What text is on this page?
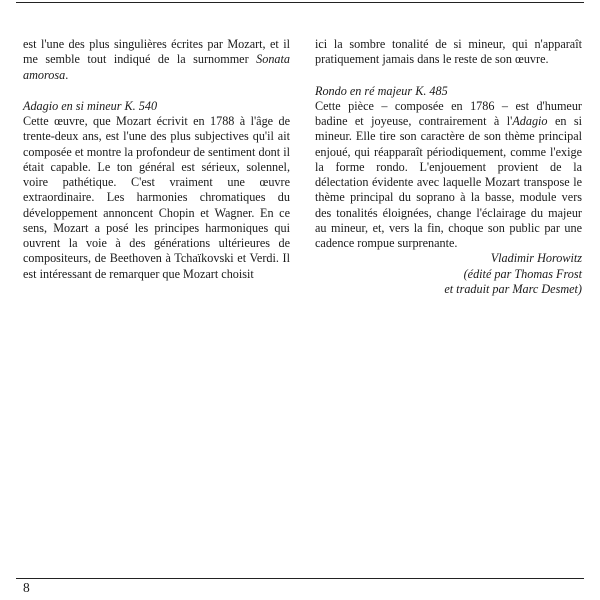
est l'une des plus singulières écrites par Mozart, et il me semble tout indiqué de la surnommer Sonata amorosa.

Adagio en si mineur K. 540

Cette œuvre, que Mozart écrivit en 1788 à l'âge de trente-deux ans, est l'une des plus subjectives qu'il ait composée et montre la profondeur de sentiment dont il était capable. Le ton général est sérieux, solennel, voire pathétique. C'est vraiment une œuvre extraordinaire. Les harmonies chromatiques du développement annoncent Chopin et Wagner. En ce sens, Mozart a posé les principes harmoniques qui ouvrent la voie à des générations ultérieures de compositeurs, de Beethoven à Tchaïkovski et Verdi. Il est intéressant de remarquer que Mozart choisit

ici la sombre tonalité de si mineur, qui n'apparaît pratiquement jamais dans le reste de son œuvre.

Rondo en ré majeur K. 485

Cette pièce – composée en 1786 – est d'humeur badine et joyeuse, contrairement à l'Adagio en si mineur. Elle tire son caractère de son thème principal enjoué, qui réapparaît périodiquement, comme l'exige la forme rondo. L'enjouement provient de la délectation évidente avec laquelle Mozart transpose le thème principal du soprano à la basse, module vers des tonalités éloignées, change l'éclairage du majeur au mineur, et, vers la fin, choque son public par une cadence rompue surprenante.

Vladimir Horowitz

(édité par Thomas Frost

et traduit par Marc Desmet)

8
